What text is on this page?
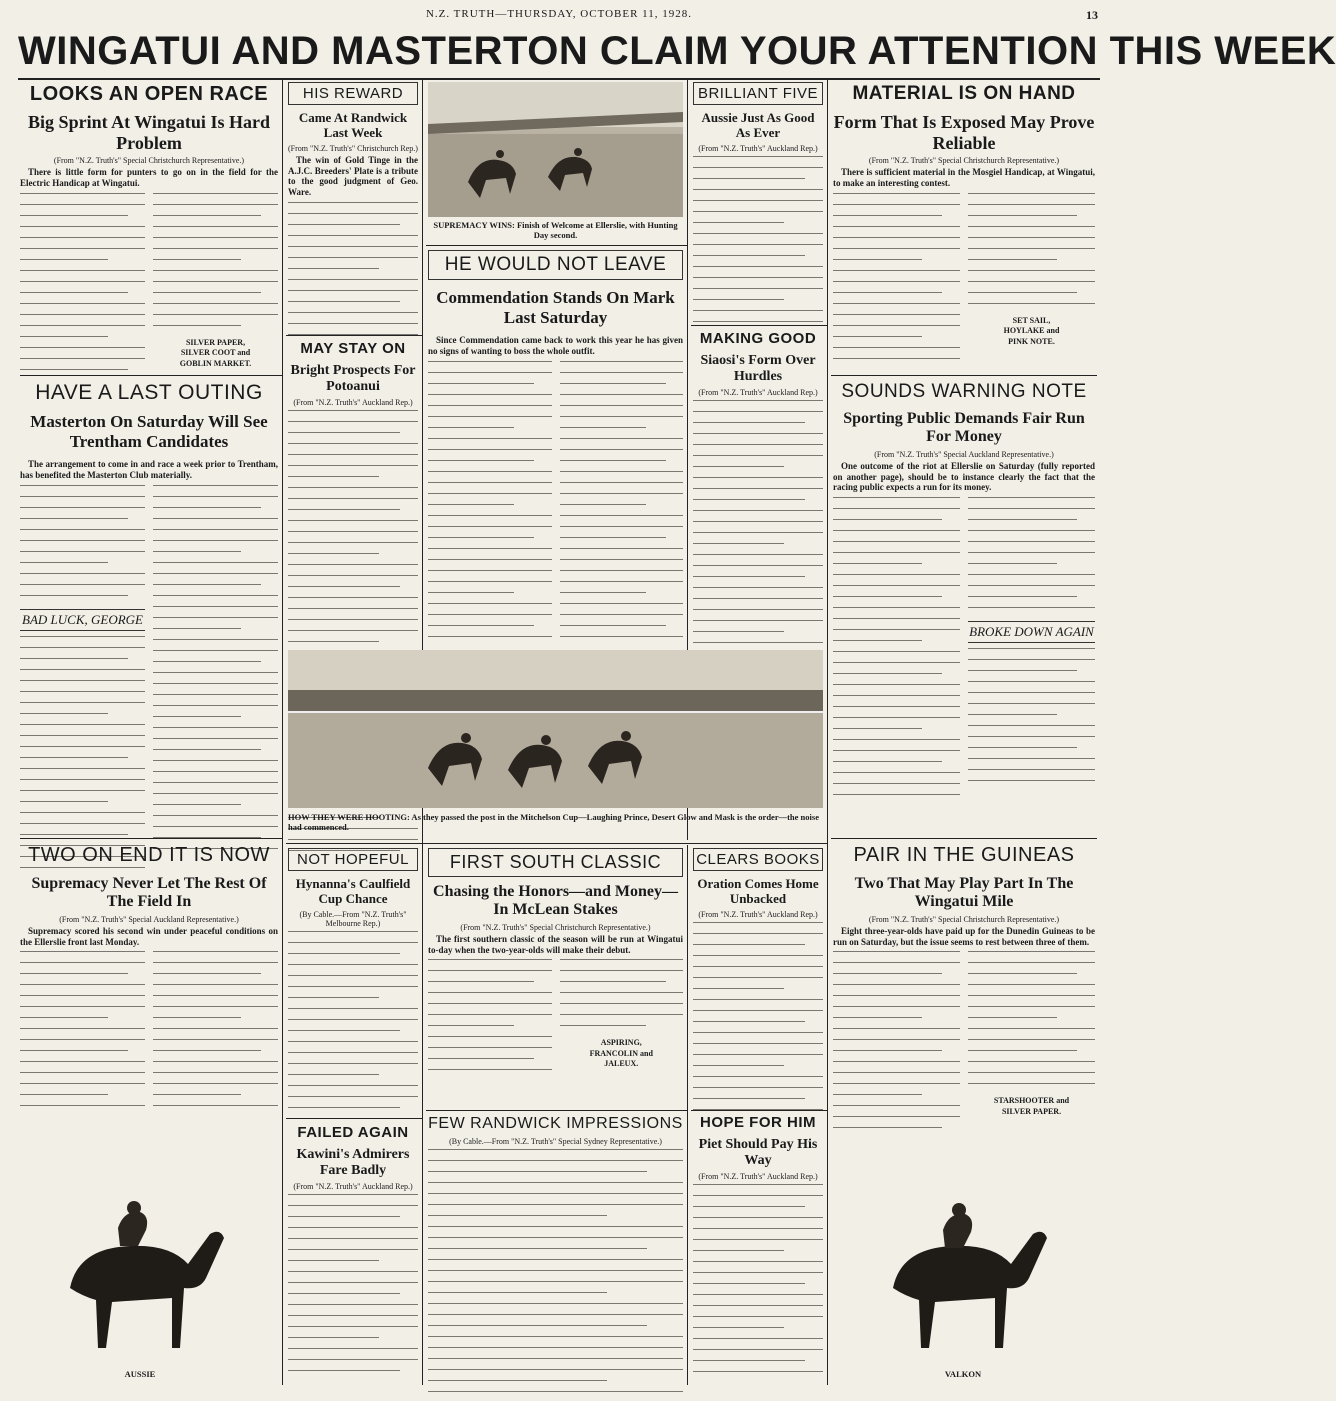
N.Z. TRUTH—THURSDAY, OCTOBER 11, 1928.	13
WINGATUI AND MASTERTON CLAIM YOUR ATTENTION THIS WEEK
LOOKS AN OPEN RACE
Big Sprint At Wingatui Is Hard Problem
(From "N.Z. Truth's" Special Christchurch Representative.)
There is little form for punters to go on in the field for the Electric Handicap at Wingatui.
SILVER PAPER,
SILVER COOT and
GOBLIN MARKET.
HAVE A LAST OUTING
Masterton On Saturday Will See Trentham Candidates
The arrangement to come in and race a week prior to Trentham, has benefited the Masterton Club materially.
BAD LUCK, GEORGE
HIS REWARD
Came At Randwick Last Week
(From "N.Z. Truth's" Christchurch Rep.)
The win of Gold Tinge in the A.J.C. Breeders' Plate is a tribute to the good judgment of Geo. Ware.
MAY STAY ON
Bright Prospects For Potoanui
(From "N.Z. Truth's" Auckland Rep.)
SUPREMACY WINS: Finish of Welcome at Ellerslie, with Hunting Day second.
HE WOULD NOT LEAVE
Commendation Stands On Mark Last Saturday
Since Commendation came back to work this year he has given no signs of wanting to boss the whole outfit.
BRILLIANT FIVE
Aussie Just As Good As Ever
(From "N.Z. Truth's" Auckland Rep.)
MAKING GOOD
Siaosi's Form Over Hurdles
(From "N.Z. Truth's" Auckland Rep.)
HOW THEY WERE HOOTING: As they passed the post in the Mitchelson Cup—Laughing Prince, Desert Glow and Mask is the order—the noise had commenced.
MATERIAL IS ON HAND
Form That Is Exposed May Prove Reliable
(From "N.Z. Truth's" Special Christchurch Representative.)
There is sufficient material in the Mosgiel Handicap, at Wingatui, to make an interesting contest.
SET SAIL,
HOYLAKE and
PINK NOTE.
SOUNDS WARNING NOTE
Sporting Public Demands Fair Run For Money
(From "N.Z. Truth's" Special Auckland Representative.)
One outcome of the riot at Ellerslie on Saturday (fully reported on another page), should be to instance clearly the fact that the racing public expects a run for its money.
BROKE DOWN AGAIN
TWO ON END IT IS NOW
Supremacy Never Let The Rest Of The Field In
(From "N.Z. Truth's" Special Auckland Representative.)
Supremacy scored his second win under peaceful conditions on the Ellerslie front last Monday.
AUSSIE
NOT HOPEFUL
Hynanna's Caulfield Cup Chance
(By Cable.—From "N.Z. Truth's" Melbourne Rep.)
FAILED AGAIN
Kawini's Admirers Fare Badly
(From "N.Z. Truth's" Auckland Rep.)
FIRST SOUTH CLASSIC
Chasing the Honors—and Money—In McLean Stakes
(From "N.Z. Truth's" Special Christchurch Representative.)
The first southern classic of the season will be run at Wingatui to-day when the two-year-olds will make their debut.
ASPIRING,
FRANCOLIN and
JALEUX.
FEW RANDWICK IMPRESSIONS
(By Cable.—From "N.Z. Truth's" Special Sydney Representative.)
CLEARS BOOKS
Oration Comes Home Unbacked
(From "N.Z. Truth's" Auckland Rep.)
HOPE FOR HIM
Piet Should Pay His Way
(From "N.Z. Truth's" Auckland Rep.)
PAIR IN THE GUINEAS
Two That May Play Part In The Wingatui Mile
(From "N.Z. Truth's" Special Christchurch Representative.)
Eight three-year-olds have paid up for the Dunedin Guineas to be run on Saturday, but the issue seems to rest between three of them.
STARSHOOTER and
SILVER PAPER.
VALKON
